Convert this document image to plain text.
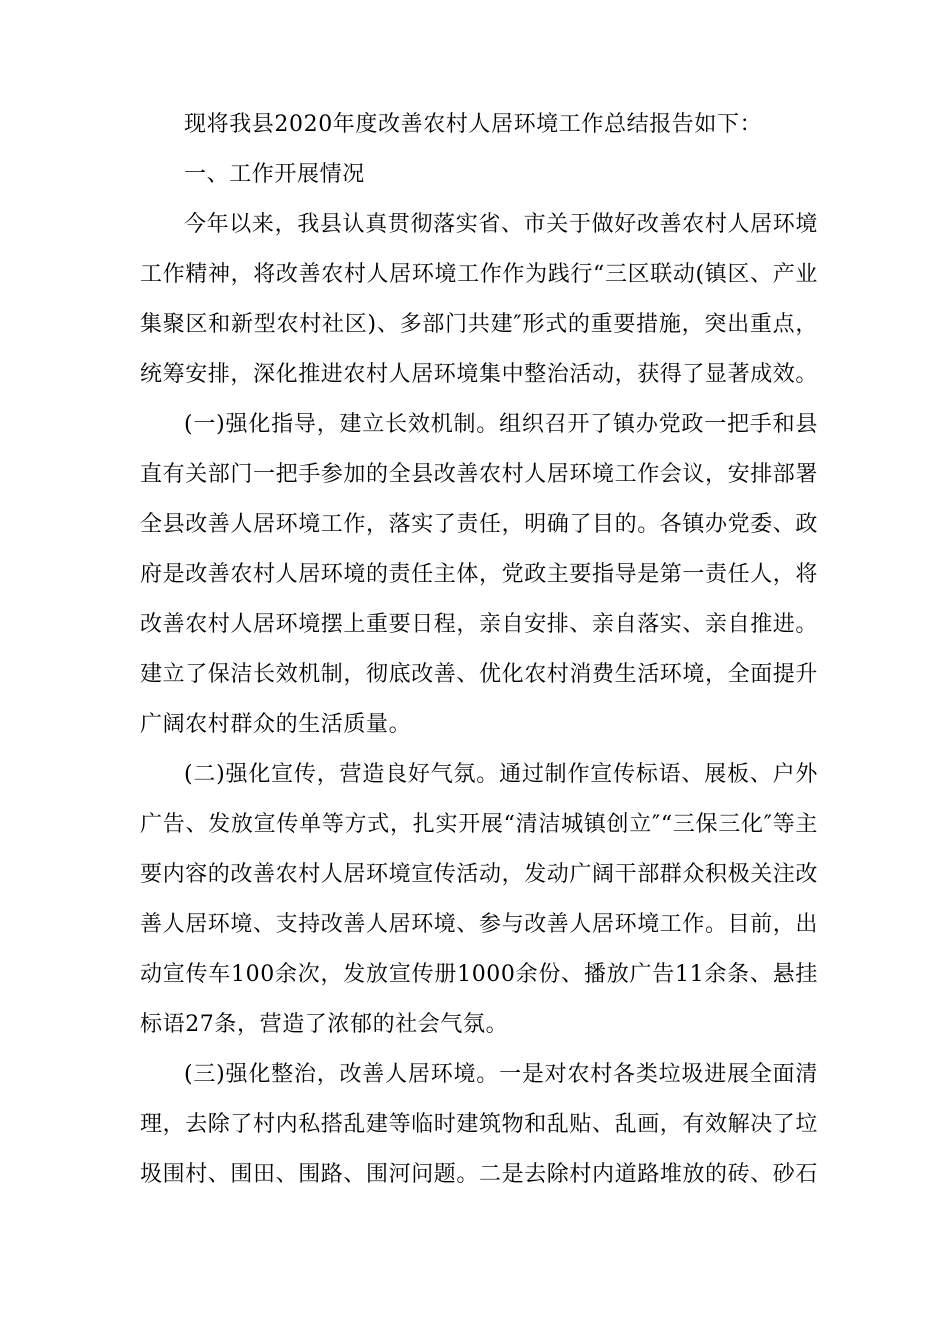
现将我县2020年度改善农村人居环境工作总结报告如下：

一、工作开展情况

今年以来，我县认真贯彻落实省、市关于做好改善农村人居环境工作精神，将改善农村人居环境工作作为践行“三区联动(镇区、产业集聚区和新型农村社区)、多部门共建″形式的重要措施，突出重点，统筹安排，深化推进农村人居环境集中整治活动，获得了显著成效。

(一)强化指导，建立长效机制。组织召开了镇办党政一把手和县直有关部门一把手参加的全县改善农村人居环境工作会议，安排部署全县改善人居环境工作，落实了责任，明确了目的。各镇办党委、政府是改善农村人居环境的责任主体，党政主要指导是第一责任人，将改善农村人居环境摆上重要日程，亲自安排、亲自落实、亲自推进。建立了保洁长效机制，彻底改善、优化农村消费生活环境，全面提升广阔农村群众的生活质量。

(二)强化宣传，营造良好气氛。通过制作宣传标语、展板、户外广告、发放宣传单等方式，扎实开展“清洁城镇创立″“三保三化″等主要内容的改善农村人居环境宣传活动，发动广阔干部群众积极关注改善人居环境、支持改善人居环境、参与改善人居环境工作。目前，出动宣传车100余次，发放宣传册1000余份、播放广告11余条、悬挂标语27条，营造了浓郁的社会气氛。

(三)强化整治，改善人居环境。一是对农村各类垃圾进展全面清理，去除了村内私搭乱建等临时建筑物和乱贴、乱画，有效解决了垃圾围村、围田、围路、围河问题。二是去除村内道路堆放的砖、砂石
